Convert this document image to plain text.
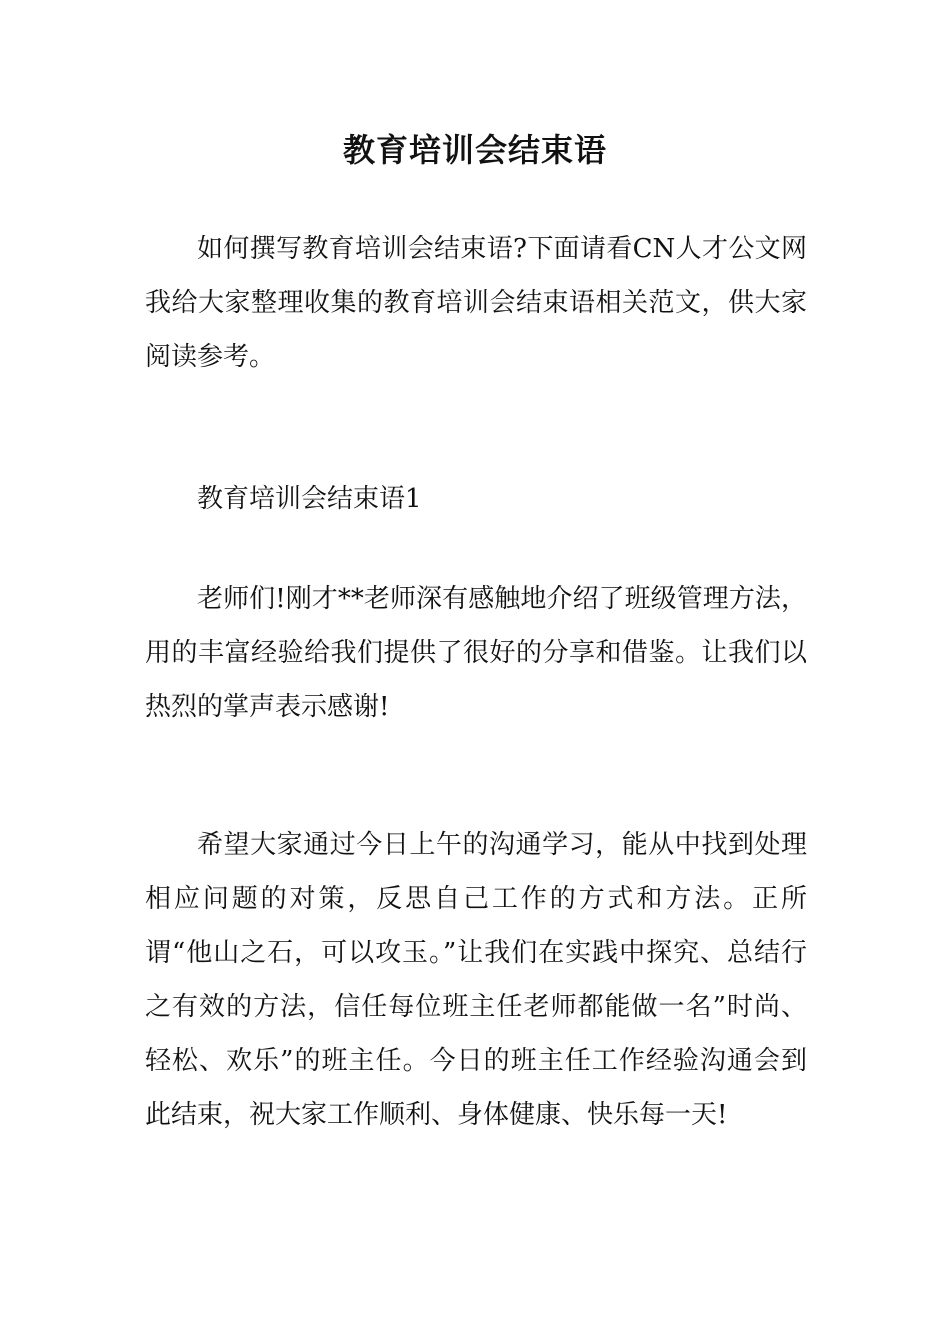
教育培训会结束语

如何撰写教育培训会结束语?下面请看CN人才公文网我给大家整理收集的教育培训会结束语相关范文，供大家阅读参考。

教育培训会结束语1

老师们!刚才**老师深有感触地介绍了班级管理方法，用的丰富经验给我们提供了很好的分享和借鉴。让我们以热烈的掌声表示感谢!

希望大家通过今日上午的沟通学习，能从中找到处理相应问题的对策，反思自己工作的方式和方法。正所谓“他山之石，可以攻玉。”让我们在实践中探究、总结行之有效的方法，信任每位班主任老师都能做一名”时尚、轻松、欢乐”的班主任。今日的班主任工作经验沟通会到此结束，祝大家工作顺利、身体健康、快乐每一天!
